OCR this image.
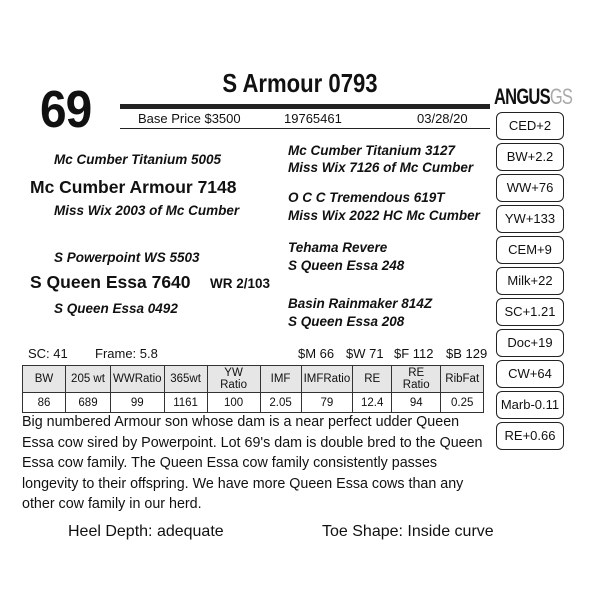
69	S Armour 0793
Base Price $3500	19765461	03/28/20
ANGUSGS
CED+2
BW+2.2
WW+76
YW+133
CEM+9
Milk+22
SC+1.21
Doc+19
CW+64
Marb-0.11
RE+0.66
Mc Cumber Titanium 5005
Mc Cumber Armour 7148
Miss Wix 2003 of Mc Cumber
S Powerpoint WS 5503
S Queen Essa 7640 WR 2/103
S Queen Essa 0492
Mc Cumber Titanium 3127
Miss Wix 7126 of Mc Cumber
O C C Tremendous 619T
Miss Wix 2022 HC Mc Cumber
Tehama Revere
S Queen Essa 248
Basin Rainmaker 814Z
S Queen Essa 208
SC: 41 Frame: 5.8	$M 66 $W 71 $F 112 $B 129
BW	205 wt	WWRatio	365wt	YW Ratio	IMF	IMFRatio	RE	RE Ratio	RibFat
86	689	99	1161	100	2.05	79	12.4	94	0.25
Big numbered Armour son whose dam is a near perfect udder Queen Essa cow sired by Powerpoint. Lot 69's dam is double bred to the Queen Essa cow family. The Queen Essa cow family consistently passes longevity to their offspring. We have more Queen Essa cows than any other cow family in our herd.
Heel Depth: adequate	Toe Shape: Inside curve
